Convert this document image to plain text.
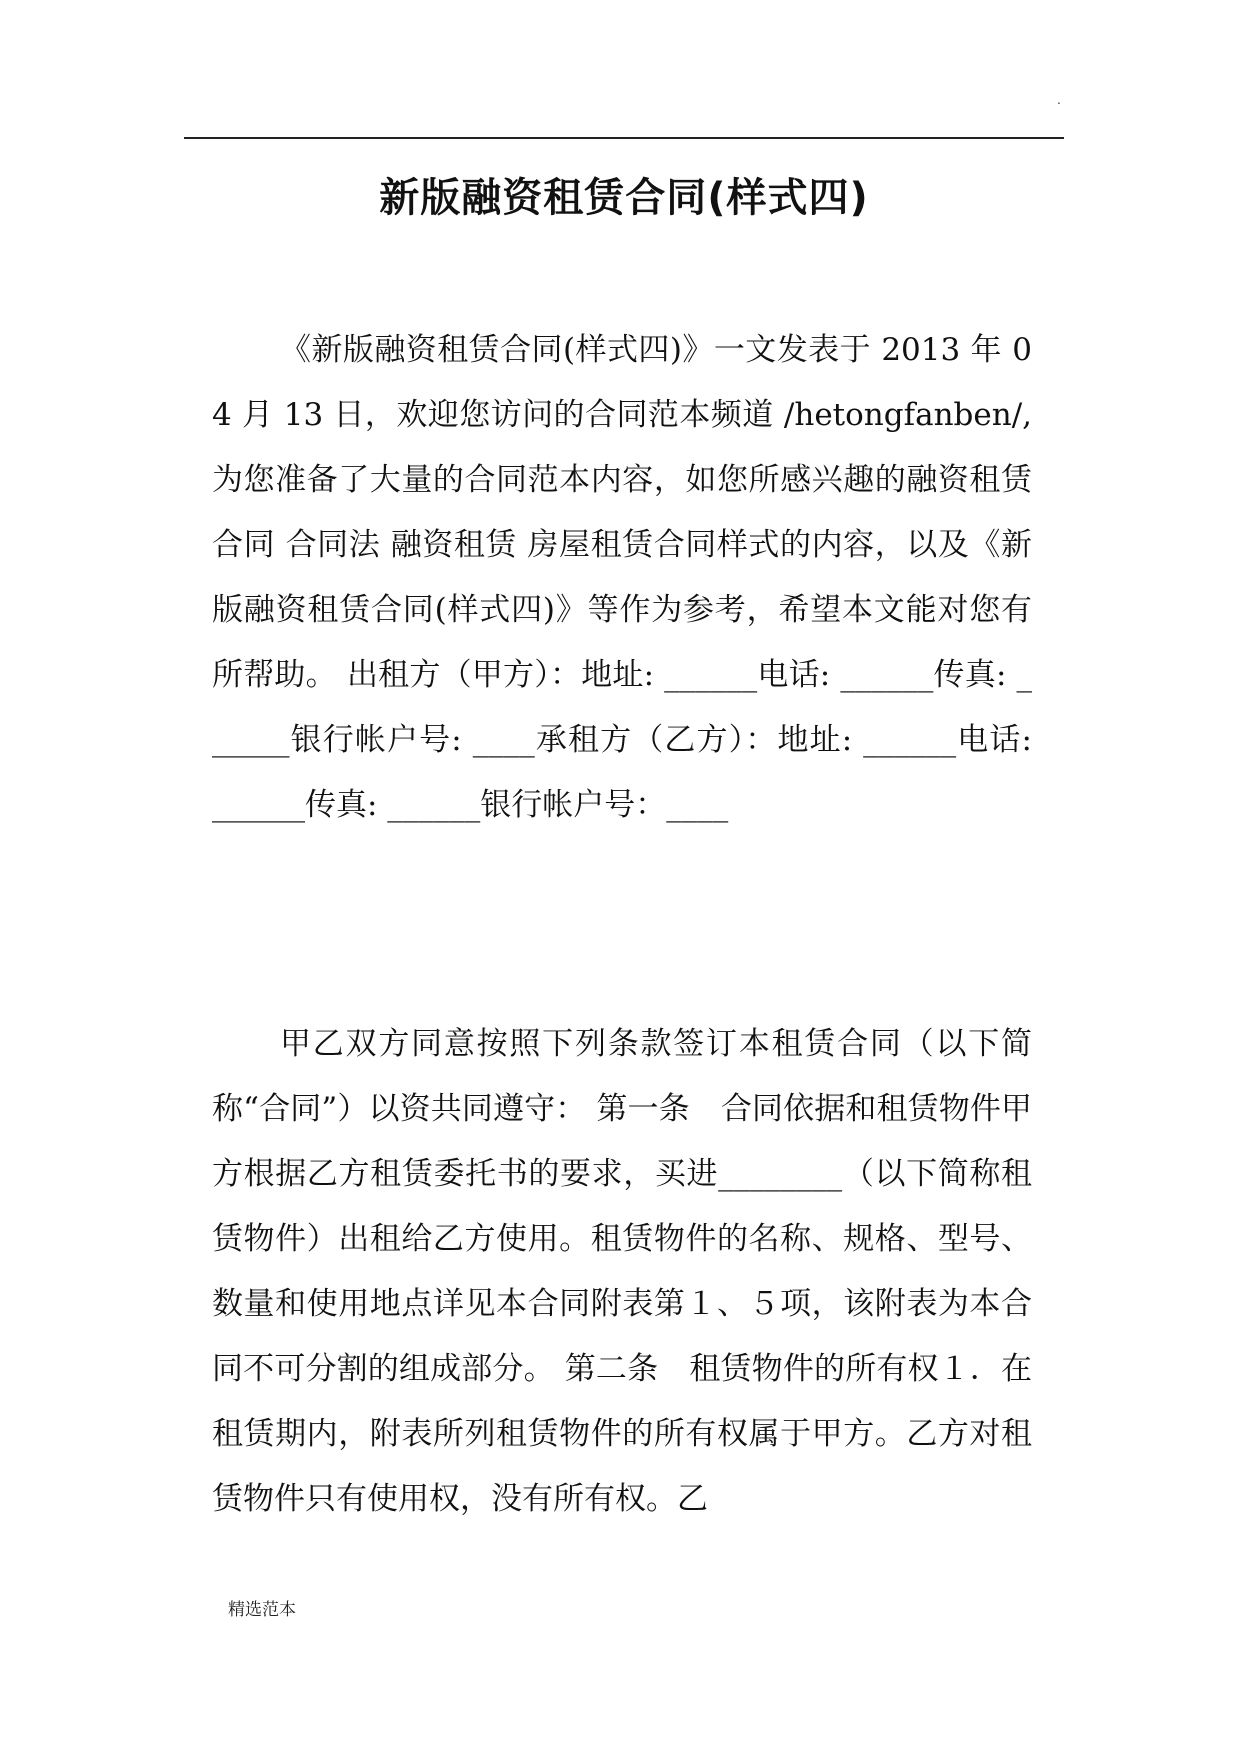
.
新版融资租赁合同(样式四)

《新版融资租赁合同(样式四)》一文发表于 2013 年 04 月 13 日，欢迎您访问的合同范本频道 /hetongfanben/,为您准备了大量的合同范本内容，如您所感兴趣的融资租赁合同 合同法 融资租赁 房屋租赁合同样式的内容，以及《新版融资租赁合同(样式四)》等作为参考，希望本文能对您有所帮助。 出租方（甲方）：地址: ______电话: ______传真: ______银行帐户号: ____承租方（乙方）：地址: ______电话: ______传真: ______银行帐户号：____

甲乙双方同意按照下列条款签订本租赁合同（以下简称“合同”）以资共同遵守： 第一条　合同依据和租赁物件甲方根据乙方租赁委托书的要求，买进________（以下简称租赁物件）出租给乙方使用。租赁物件的名称、规格、型号、数量和使用地点详见本合同附表第１、５项，该附表为本合同不可分割的组成部分。 第二条　租赁物件的所有权１．在租赁期内，附表所列租赁物件的所有权属于甲方。乙方对租赁物件只有使用权，没有所有权。乙

精选范本
